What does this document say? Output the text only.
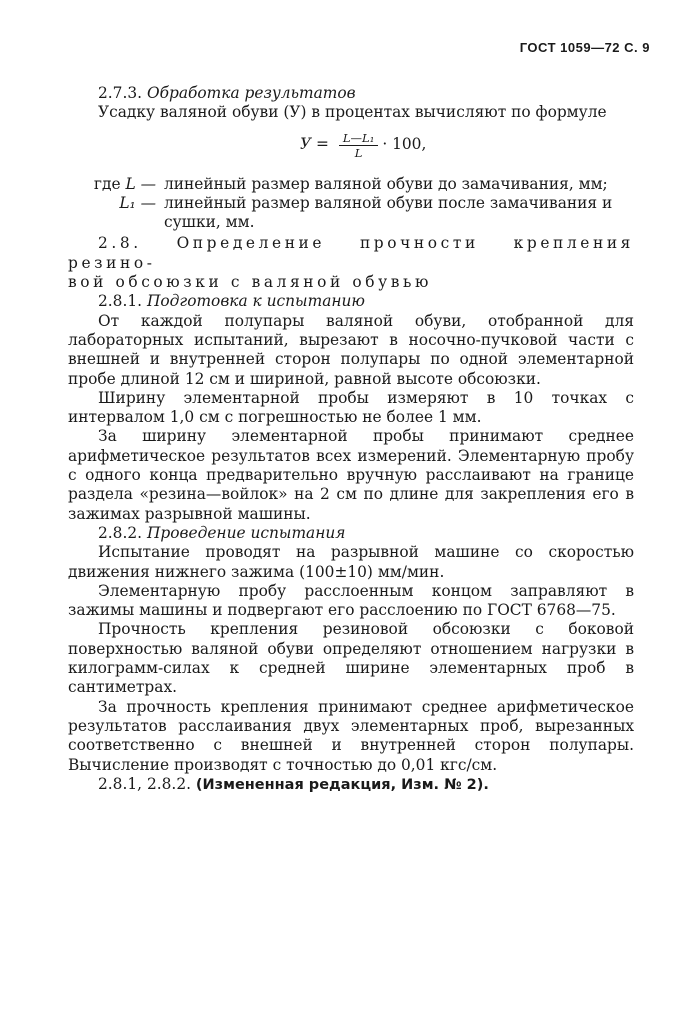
ГОСТ 1059—72 С. 9

2.7.3. Обработка результатов

Усадку валяной обуви (У) в процентах вычисляют по формуле

$У = \frac{\text{L—L₁}}{L} \cdot 100$,
где L — линейный размер валяной обуви до замачивания, мм;
L₁ — линейный размер валяной обуви после замачивания и
сушки, мм.

2.8. Определение прочности крепления резино-

вой обсоюзки с валяной обувью

2.8.1. Подготовка к испытанию

От каждой полупары валяной обуви, отобранной для лабораторных испытаний, вырезают в носочно-пучковой части с внешней и внутренней сторон полупары по одной элементарной пробе длиной 12 см и шириной, равной высоте обсоюзки.

Ширину элементарной пробы измеряют в 10 точках с интервалом 1,0 см с погрешностью не более 1 мм.

За ширину элементарной пробы принимают среднее арифметическое результатов всех измерений. Элементарную пробу с одного конца предварительно вручную расслаивают на границе раздела «резина—войлок» на 2 см по длине для закрепления его в зажимах разрывной машины.

2.8.2. Проведение испытания

Испытание проводят на разрывной машине со скоростью движения нижнего зажима (100±10) мм/мин.

Элементарную пробу расслоенным концом заправляют в зажимы машины и подвергают его расслоению по ГОСТ 6768—75.

Прочность крепления резиновой обсоюзки с боковой поверхностью валяной обуви определяют отношением нагрузки в килограмм-силах к средней ширине элементарных проб в сантиметрах.

За прочность крепления принимают среднее арифметическое результатов расслаивания двух элементарных проб, вырезанных соответственно с внешней и внутренней сторон полупары. Вычисление производят с точностью до 0,01 кгс/см.

2.8.1, 2.8.2. (Измененная редакция, Изм. № 2).
